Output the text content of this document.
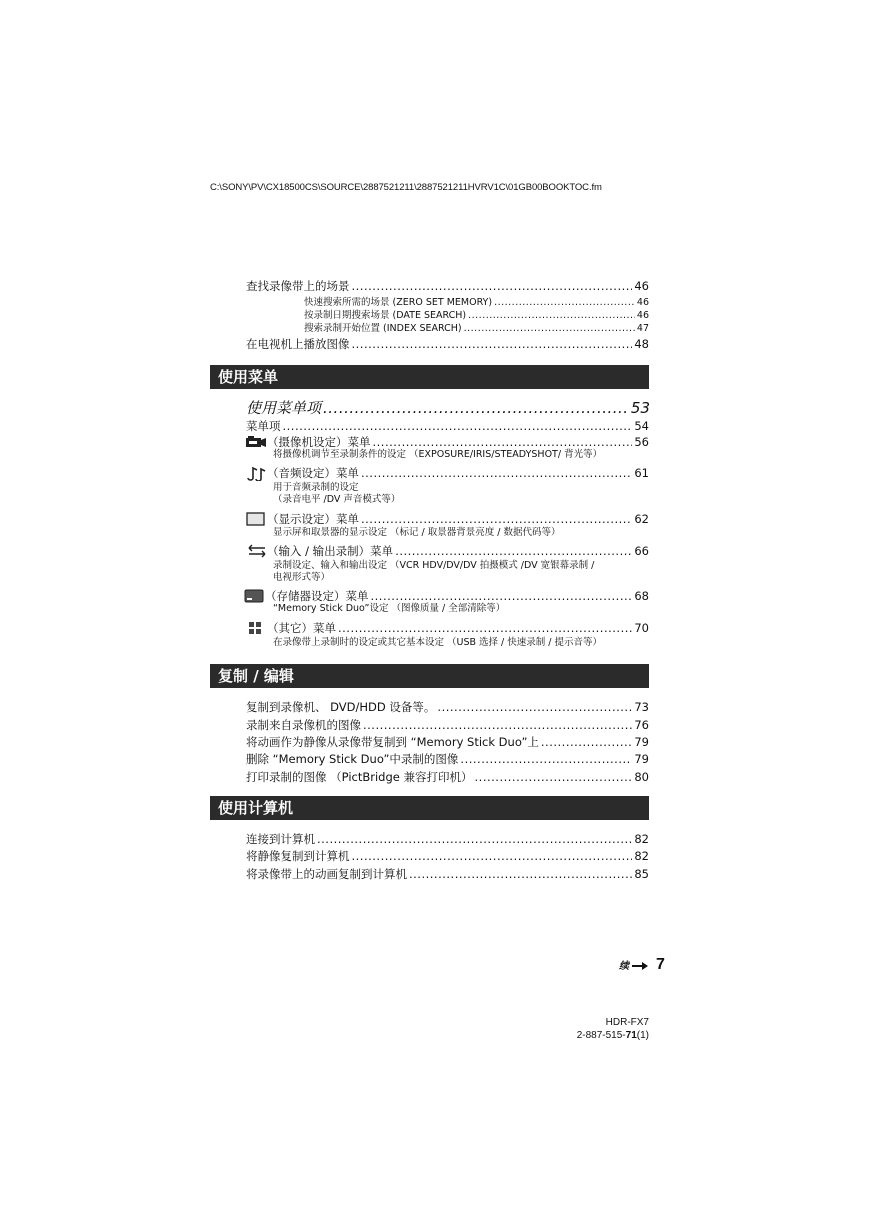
C:\SONY\PV\CX18500CS\SOURCE\2887521211\2887521211HVRV1C\01GB00BOOKTOC.fm
查找录像带上的场景 .....	46
快速搜索所需的场景 (ZERO SET MEMORY) .....	46
按录制日期搜索场景 (DATE SEARCH) .....	46
搜索录制开始位置 (INDEX SEARCH) .....	47
在电视机上播放图像 .....	48
使用菜单
使用菜单项 .....	53
菜单项 .....	54
（摄像机设定）菜单 .....	56
将摄像机调节至录制条件的设定 （EXPOSURE/IRIS/STEADYSHOT/ 背光等）
（音频设定）菜单 .....	61
用于音频录制的设定
（录音电平 /DV 声音模式等）
（显示设定）菜单 .....	62
显示屏和取景器的显示设定 （标记 / 取景器背景亮度 / 数据代码等）
（输入 / 输出录制）菜单 .....	66
录制设定、输入和输出设定 （VCR HDV/DV/DV 拍摄模式 /DV 宽银幕录制 /
电视形式等）
（存储器设定）菜单 .....	68
“Memory Stick Duo”设定 （图像质量 / 全部清除等）
（其它）菜单 .....	70
在录像带上录制时的设定或其它基本设定 （USB 选择 / 快速录制 / 提示音等）
复制 / 编辑
复制到录像机、 DVD/HDD 设备等。 .....	73
录制来自录像机的图像 .....	76
将动画作为静像从录像带复制到 “Memory Stick Duo”上 .....	79
删除 “Memory Stick Duo”中录制的图像 .....	79
打印录制的图像 （PictBridge 兼容打印机） .....	80
使用计算机
连接到计算机 .....	82
将静像复制到计算机 .....	82
将录像带上的动画复制到计算机 .....	85
续 7
HDR-FX7
2-887-515-71(1)
